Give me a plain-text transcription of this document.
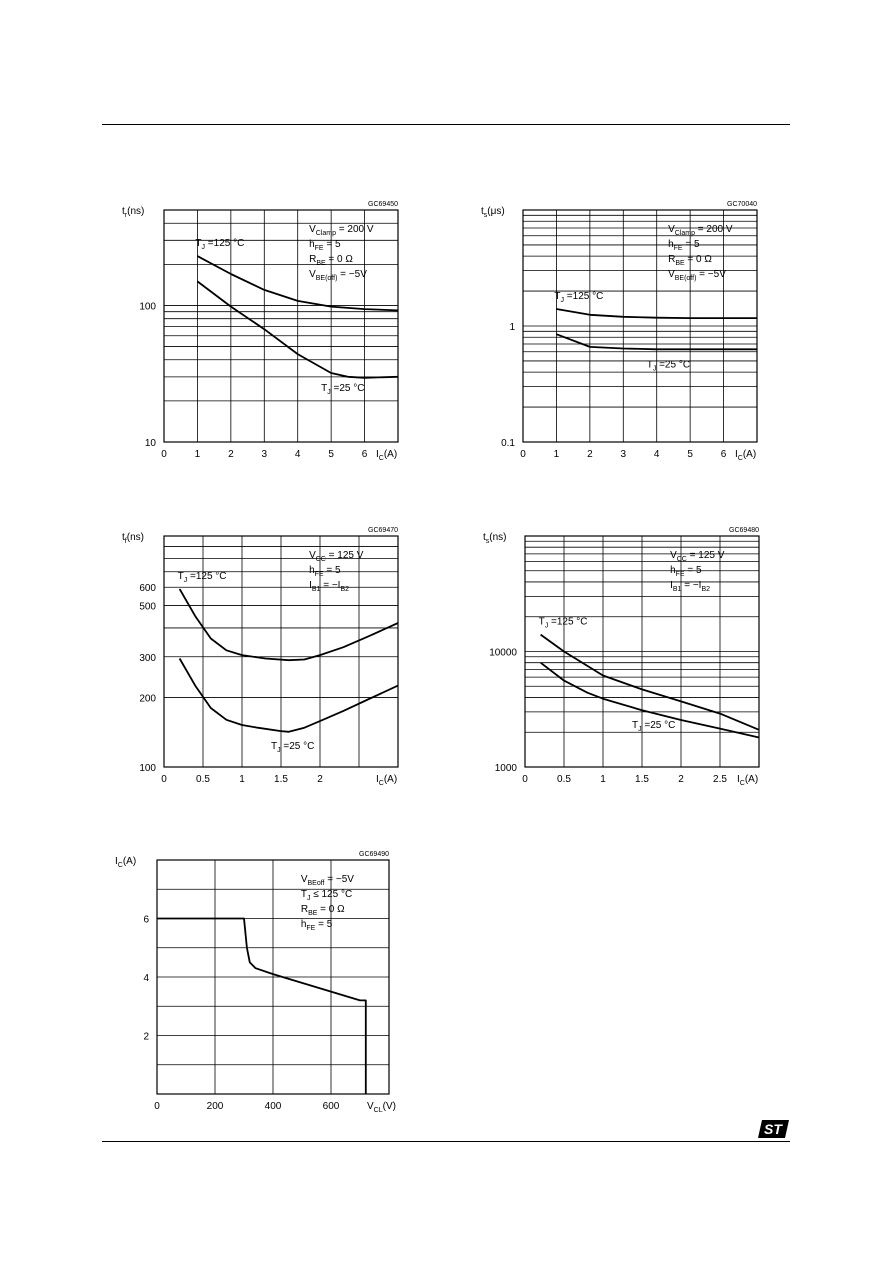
GC69450
$t_r(ns)$
100
10
0	1	2	3	4	5	6 $I_C(A)$
$V_{Clamp} = 200$ V
$h_{FE} = 5$
$R_{BE} = 0$ Ω
$V_{BE(off)} = -5V$
$T_J =125$ °C
$T_J =25$ °C
GC70040
$t_s(\mu s)$
1
0.1
0	1	2	3	4	5	6 $I_C(A)$
$V_{Clamp} = 200$ V
$h_{FE} = 5$
$R_{BE} = 0$ Ω
$V_{BE(off)} = -5V$
$T_J =125$ °C
$T_J =25$ °C
GC69470
$t_f(ns)$
600
500
300
200
100
0	0.5	1	1.5	2	$I_C(A)$
$V_{CC} = 125$ V
$h_{FE} = 5$
$I_{B1} = -I_{B2}$
$T_J =125$ °C
$T_J =25$ °C
GC69480
$t_s(ns)$
10000
1000
0	0.5	1	1.5	2	2.5 $I_C(A)$
$V_{CC} = 125$ V
$h_{FE} = 5$
$I_{B1} = -I_{B2}$
$T_J =125$ °C
$T_J =25$ °C
GC69490
$I_C(A)$
6
4
2
0	200	400	600	$V_{CL}(V)$
$V_{BEoff} = -5V$
$T_J \le 125$ °C
$R_{BE} = 0$ Ω
$h_{FE} = 5$
ST
